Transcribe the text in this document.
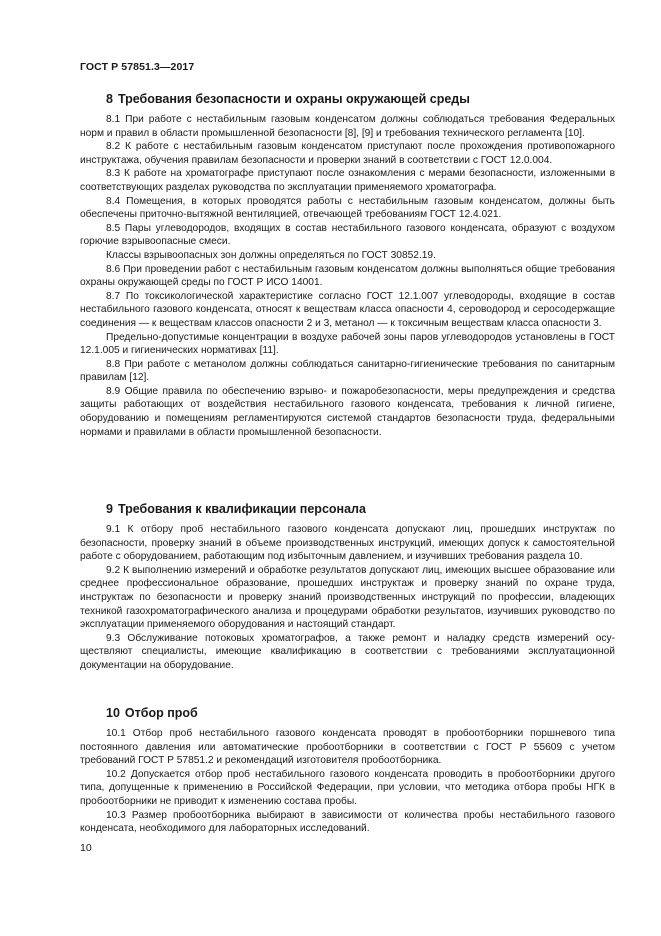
ГОСТ Р 57851.3—2017
8 Требования безопасности и охраны окружающей среды

8.1 При работе с нестабильным газовым конденсатом должны соблюдаться требования Федеральных норм и правил в области промышленной безопасности [8], [9] и требования технического регламента [10].

8.2 К работе с нестабильным газовым конденсатом приступают после прохождения противопожарного инструктажа, обучения правилам безопасности и проверки знаний в соответствии с ГОСТ 12.0.004.

8.3 К работе на хроматографе приступают после ознакомления с мерами безопасности, изложенными в соответствующих разделах руководства по эксплуатации применяемого хроматографа.

8.4 Помещения, в которых проводятся работы с нестабильным газовым конденсатом, должны быть обеспечены приточно-вытяжной вентиляцией, отвечающей требованиям ГОСТ 12.4.021.

8.5 Пары углеводородов, входящих в состав нестабильного газового конденсата, образуют с воздухом горючие взрывоопасные смеси.

Классы взрывоопасных зон должны определяться по ГОСТ 30852.19.

8.6 При проведении работ с нестабильным газовым конденсатом должны выполняться общие требования охраны окружающей среды по ГОСТ Р ИСО 14001.

8.7 По токсикологической характеристике согласно ГОСТ 12.1.007 углеводороды, входящие в состав нестабильного газового конденсата, относят к веществам класса опасности 4, сероводород и серосодержащие соединения — к веществам классов опасности 2 и 3, метанол — к токсичным веществам класса опасности 3.

Предельно-допустимые концентрации в воздухе рабочей зоны паров углеводородов установлены в ГОСТ 12.1.005 и гигиенических нормативах [11].

8.8 При работе с метанолом должны соблюдаться санитарно-гигиенические требования по санитарным правилам [12].

8.9 Общие правила по обеспечению взрыво- и пожаробезопасности, меры предупреждения и средства защиты работающих от воздействия нестабильного газового конденсата, требования к личной гигиене, оборудованию и помещениям регламентируются системой стандартов безопасности труда, федеральными нормами и правилами в области промышленной безопасности.

9 Требования к квалификации персонала

9.1 К отбору проб нестабильного газового конденсата допускают лиц, прошедших инструктаж по безопасности, проверку знаний в объеме производственных инструкций, имеющих допуск к самостоятельной работе с оборудованием, работающим под избыточным давлением, и изучивших требования раздела 10.

9.2 К выполнению измерений и обработке результатов допускают лиц, имеющих высшее образование или среднее профессиональное образование, прошедших инструктаж и проверку знаний по охране труда, инструктаж по безопасности и проверку знаний производственных инструкций по профессии, владеющих техникой газохроматографического анализа и процедурами обработки результатов, изучивших руководство по эксплуатации применяемого оборудования и настоящий стандарт.

9.3 Обслуживание потоковых хроматографов, а также ремонт и наладку средств измерений осуществляют специалисты, имеющие квалификацию в соответствии с требованиями эксплуатационной документации на оборудование.

10 Отбор проб

10.1 Отбор проб нестабильного газового конденсата проводят в пробоотборники поршневого типа постоянного давления или автоматические пробоотборники в соответствии с ГОСТ Р 55609 с учетом требований ГОСТ Р 57851.2 и рекомендаций изготовителя пробоотборника.

10.2 Допускается отбор проб нестабильного газового конденсата проводить в пробоотборники другого типа, допущенные к применению в Российской Федерации, при условии, что методика отбора пробы НГК в пробоотборники не приводит к изменению состава пробы.

10.3 Размер пробоотборника выбирают в зависимости от количества пробы нестабильного газового конденсата, необходимого для лабораторных исследований.

10
